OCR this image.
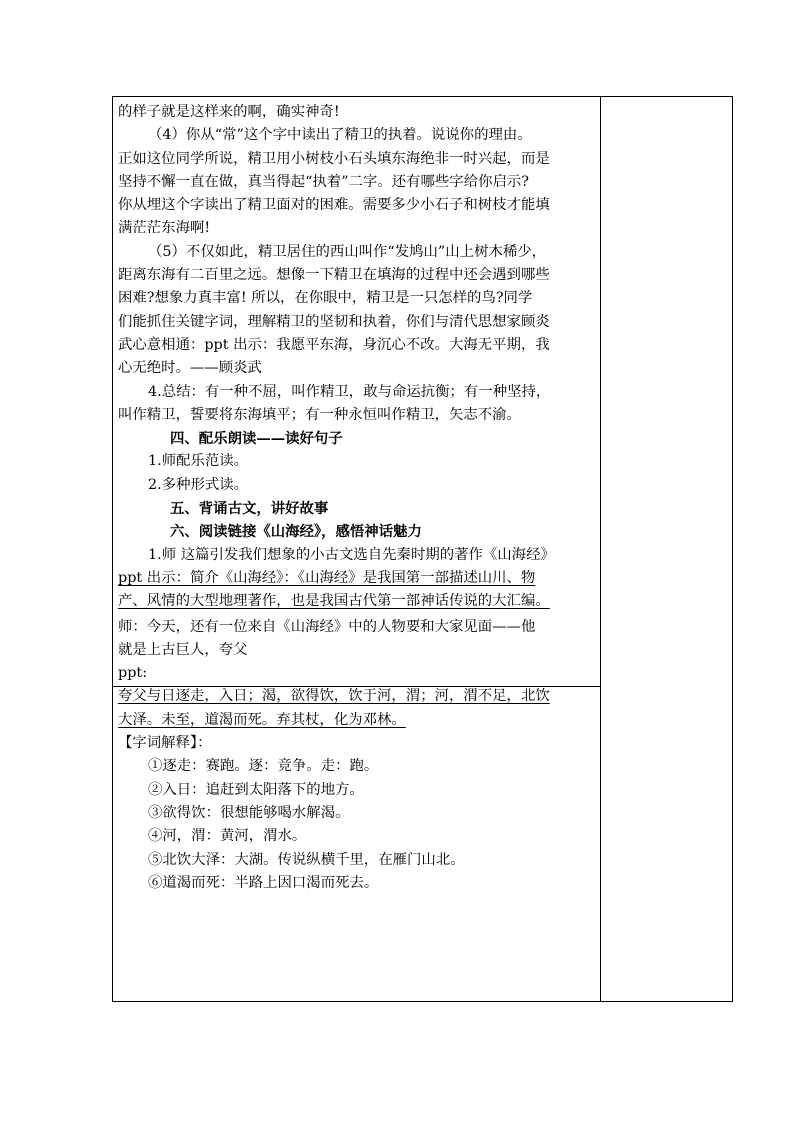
的样子就是这样来的啊，确实神奇!

（4）你从“常”这个字中读出了精卫的执着。说说你的理由。

正如这位同学所说，精卫用小树枝小石头填东海绝非一时兴起，而是

坚持不懈一直在做，真当得起“执着”二字。还有哪些字给你启示?

你从埋这个字读出了精卫面对的困难。需要多少小石子和树枝才能填

满茫茫东海啊!

（5）不仅如此，精卫居住的西山叫作“发鸠山”山上树木稀少，

距离东海有二百里之远。想像一下精卫在填海的过程中还会遇到哪些

困难?想象力真丰富! 所以，在你眼中，精卫是一只怎样的鸟?同学

们能抓住关键字词，理解精卫的坚韧和执着，你们与清代思想家顾炎

武心意相通：ppt 出示：我愿平东海，身沉心不改。大海无平期，我

心无绝时。——顾炎武

4.总结：有一种不屈，叫作精卫，敢与命运抗衡；有一种坚持，

叫作精卫，誓要将东海填平；有一种永恒叫作精卫，矢志不渝。

四、配乐朗读——读好句子

1.师配乐范读。

2.多种形式读。

五、背诵古文，讲好故事

六、阅读链接《山海经》，感悟神话魅力

1.师 这篇引发我们想象的小古文选自先秦时期的著作《山海经》

ppt 出示：简介《山海经》：《山海经》是我国第一部描述山川、物

产、风情的大型地理著作，也是我国古代第一部神话传说的大汇编。

师：今天，还有一位来自《山海经》中的人物要和大家见面——他

就是上古巨人，夸父

ppt:

夸父与日逐走，入日；渴，欲得饮，饮于河，渭；河，渭不足，北饮

大泽。未至，道渴而死。弃其杖，化为邓林。

【字词解释】：

①逐走：赛跑。逐：竞争。走：跑。

②入日：追赶到太阳落下的地方。

③欲得饮：很想能够喝水解渴。

④河，渭：黄河，渭水。

⑤北饮大泽：大湖。传说纵横千里，在雁门山北。

⑥道渴而死：半路上因口渴而死去。
